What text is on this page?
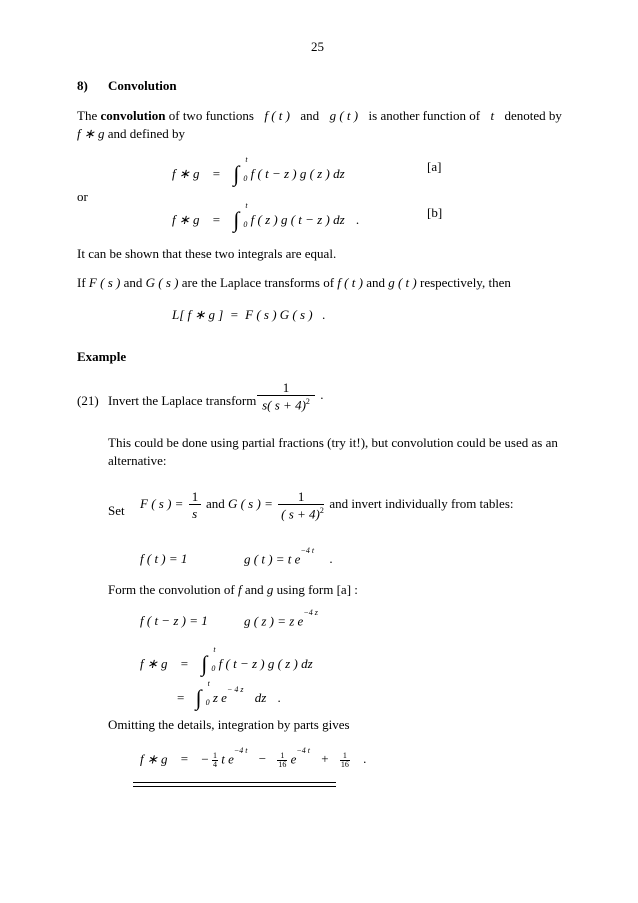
25
8) Convolution
The convolution of two functions f ( t ) and g ( t ) is another function of t denoted by
f ∗ g and defined by
f ∗ g = ∫
t
0 f ( t − z ) g ( z ) dz	[a]
or
f ∗ g = ∫
t
0 f ( z ) g ( t − z ) dz .	[b]
It can be shown that these two integrals are equal.
If F ( s ) and G ( s ) are the Laplace transforms of f ( t ) and g ( t ) respectively, then
L[ f ∗ g ]  =  F ( s ) G ( s )   .
Example
(21) Invert the Laplace transform $\frac{1}{s( s + 4)^2}$ .
This could be done using partial fractions (try it!), but convolution could be used as an
alternative:
Set F ( s ) = $\frac{1}{s}$ and G ( s ) = $\frac{1}{( s + 4)^2}$ and invert individually from tables:
f ( t ) = 1	g ( t ) = t $e^{-4 t}$ .
Form the convolution of f and g using form [a] :
f ( t − z ) = 1	g ( z ) = z $e^{-4 z}$
f ∗ g = ∫
t
0 f ( t − z ) g ( z ) dz
= ∫
t
0 z $e^{- 4 z}$ dz .
Omitting the details, integration by parts gives
f ∗ g = − $\frac{1}{4}$ t $e^{-4 t} - \frac{1}{16} e^{-4 t} + \frac{1}{16}$ .
